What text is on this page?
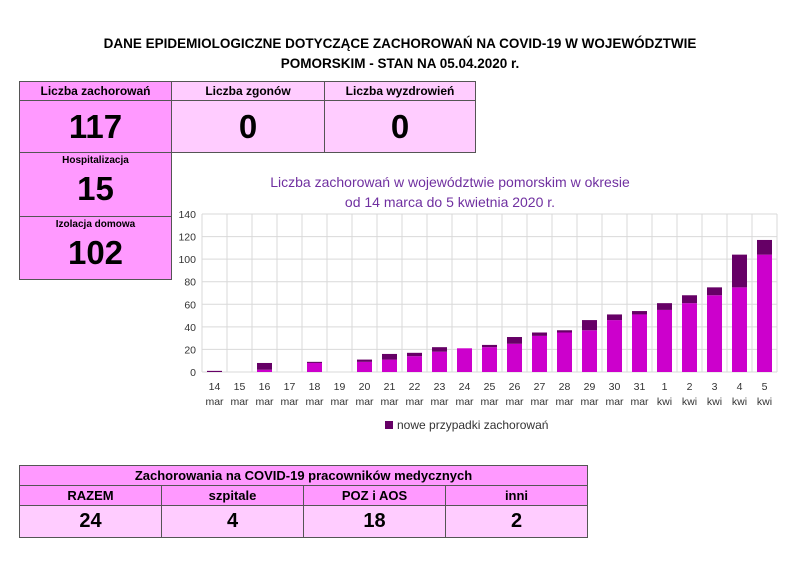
DANE EPIDEMIOLOGICZNE DOTYCZĄCE ZACHOROWAŃ NA COVID-19 W WOJEWÓDZTWIE
POMORSKIM - STAN NA 05.04.2020 r.
Liczba zachorowań
117
Liczba zgonów
0
Liczba wyzdrowień
0
Hospitalizacja
15
Izolacja domowa
102
Liczba zachorowań w województwie pomorskim w okresie
od 14 marca do 5 kwietnia 2020 r.
0
20
40
60
80
100
120
140
14
mar
15
mar
16
mar
17
mar
18
mar
19
mar
20
mar
21
mar
22
mar
23
mar
24
mar
25
mar
26
mar
27
mar
28
mar
29
mar
30
mar
31
mar
1
kwi
2
kwi
3
kwi
4
kwi
5
kwi
nowe przypadki zachorowań
Zachorowania na COVID-19 pracowników medycznych
RAZEM	szpitale	POZ i AOS	inni
24	4	18	2
